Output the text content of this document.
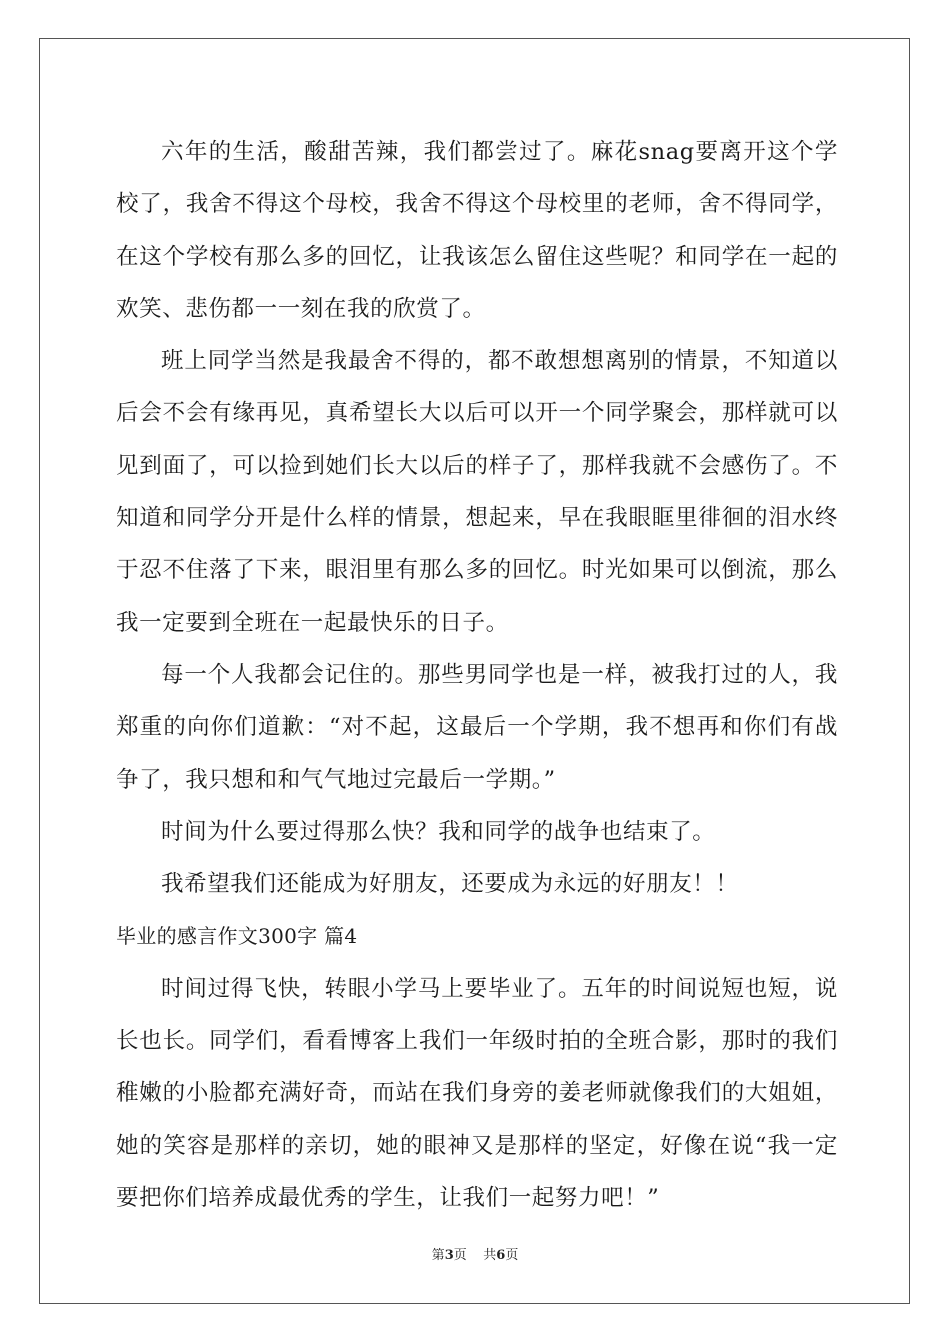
六年的生活，酸甜苦辣，我们都尝过了。麻花snag要离开这个学校了，我舍不得这个母校，我舍不得这个母校里的老师，舍不得同学，在这个学校有那么多的回忆，让我该怎么留住这些呢？和同学在一起的欢笑、悲伤都一一刻在我的欣赏了。

班上同学当然是我最舍不得的，都不敢想想离别的情景，不知道以后会不会有缘再见，真希望长大以后可以开一个同学聚会，那样就可以见到面了，可以捡到她们长大以后的样子了，那样我就不会感伤了。不知道和同学分开是什么样的情景，想起来，早在我眼眶里徘徊的泪水终于忍不住落了下来，眼泪里有那么多的回忆。时光如果可以倒流，那么我一定要到全班在一起最快乐的日子。

每一个人我都会记住的。那些男同学也是一样，被我打过的人，我郑重的向你们道歉：“对不起，这最后一个学期，我不想再和你们有战争了，我只想和和气气地过完最后一学期。”

时间为什么要过得那么快？我和同学的战争也结束了。

我希望我们还能成为好朋友，还要成为永远的好朋友！！

毕业的感言作文300字 篇4

时间过得飞快，转眼小学马上要毕业了。五年的时间说短也短，说长也长。同学们，看看博客上我们一年级时拍的全班合影，那时的我们稚嫩的小脸都充满好奇，而站在我们身旁的姜老师就像我们的大姐姐，她的笑容是那样的亲切，她的眼神又是那样的坚定，好像在说“我一定要把你们培养成最优秀的学生，让我们一起努力吧！”

第3页    共6页
